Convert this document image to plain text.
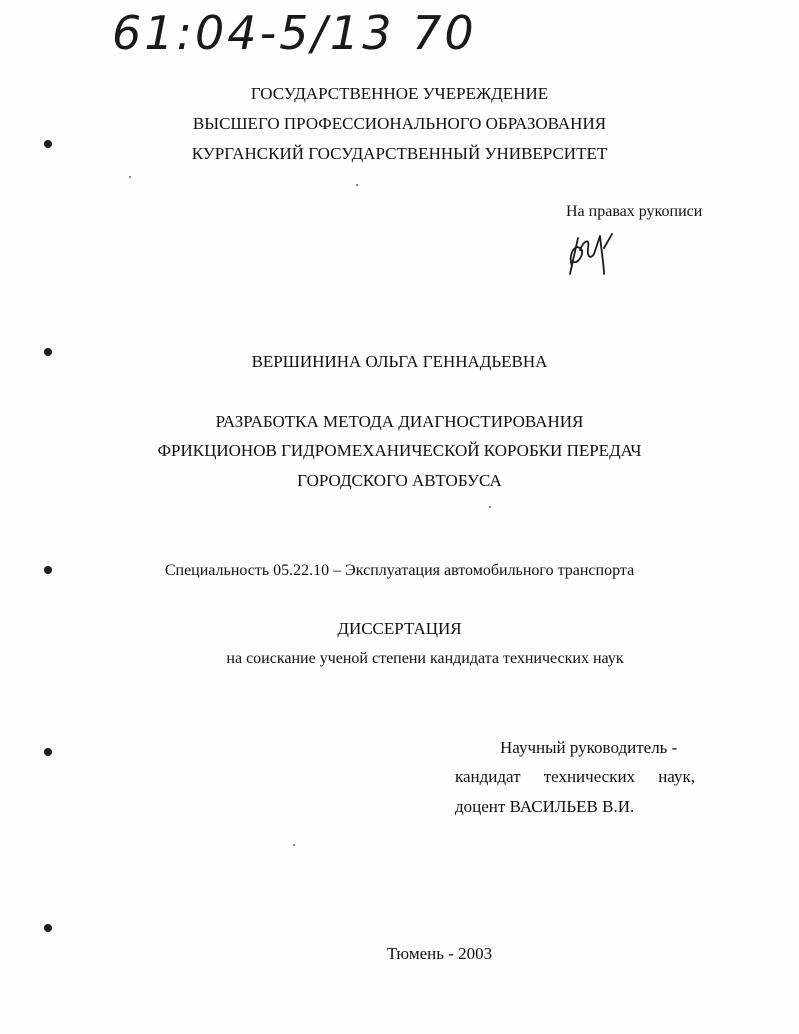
61:04-5/13 70
ГОСУДАРСТВЕННОЕ УЧЕРЕЖДЕНИЕ
ВЫСШЕГО ПРОФЕССИОНАЛЬНОГО ОБРАЗОВАНИЯ
КУРГАНСКИЙ ГОСУДАРСТВЕННЫЙ УНИВЕРСИТЕТ
На правах рукописи
ВЕРШИНИНА ОЛЬГА ГЕННАДЬЕВНА
РАЗРАБОТКА МЕТОДА ДИАГНОСТИРОВАНИЯ
ФРИКЦИОНОВ ГИДРОМЕХАНИЧЕСКОЙ КОРОБКИ ПЕРЕДАЧ
ГОРОДСКОГО АВТОБУСА
Специальность 05.22.10 – Эксплуатация автомобильного транспорта
ДИССЕРТАЦИЯ
на соискание ученой степени кандидата технических наук
Научный руководитель -
кандидат технических наук,
доцент ВАСИЛЬЕВ В.И.
Тюмень - 2003
